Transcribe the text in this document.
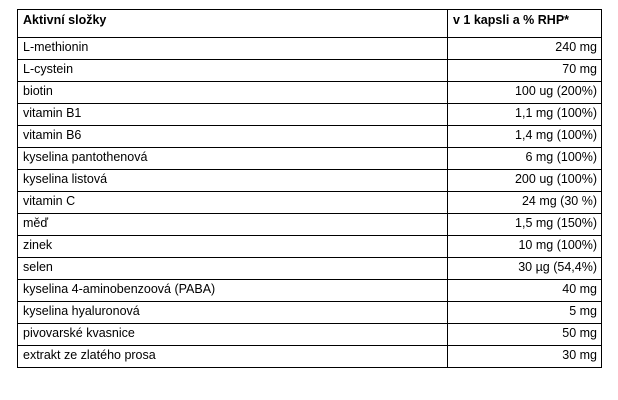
Aktivní složky	v 1 kapsli a % RHP*
L-methionin	240 mg
L-cystein	70 mg
biotin	100 ug (200%)
vitamin B1	1,1 mg (100%)
vitamin B6	1,4 mg (100%)
kyselina pantothenová	6 mg (100%)
kyselina listová	200 ug (100%)
vitamin C	24 mg (30 %)
měď	1,5 mg (150%)
zinek	10 mg (100%)
selen	30 µg (54,4%)
kyselina 4-aminobenzoová (PABA)	40 mg
kyselina hyaluronová	5 mg
pivovarské kvasnice	50 mg
extrakt ze zlatého prosa	30 mg
